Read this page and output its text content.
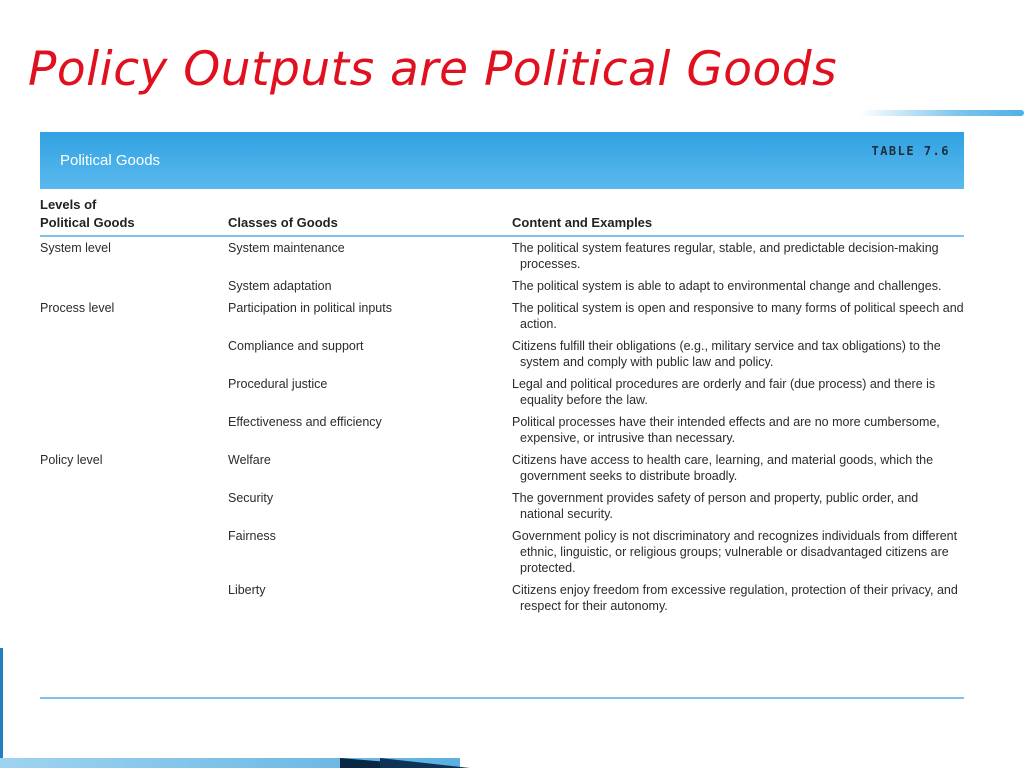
Policy Outputs are Political Goods
Political Goods
TABLE 7.6
Levels of
Political Goods	Classes of Goods	Content and Examples
System level	System maintenance	The political system features regular, stable, and predictable decision-making processes.
	System adaptation	The political system is able to adapt to environmental change and challenges.
Process level	Participation in political inputs	The political system is open and responsive to many forms of political speech and action.
	Compliance and support	Citizens fulfill their obligations (e.g., military service and tax obligations) to the system and comply with public law and policy.
	Procedural justice	Legal and political procedures are orderly and fair (due process) and there is equality before the law.
	Effectiveness and efficiency	Political processes have their intended effects and are no more cumbersome, expensive, or intrusive than necessary.
Policy level	Welfare	Citizens have access to health care, learning, and material goods, which the government seeks to distribute broadly.
	Security	The government provides safety of person and property, public order, and national security.
	Fairness	Government policy is not discriminatory and recognizes individuals from different ethnic, linguistic, or religious groups; vulnerable or disadvantaged citizens are protected.
	Liberty	Citizens enjoy freedom from excessive regulation, protection of their privacy, and respect for their autonomy.
